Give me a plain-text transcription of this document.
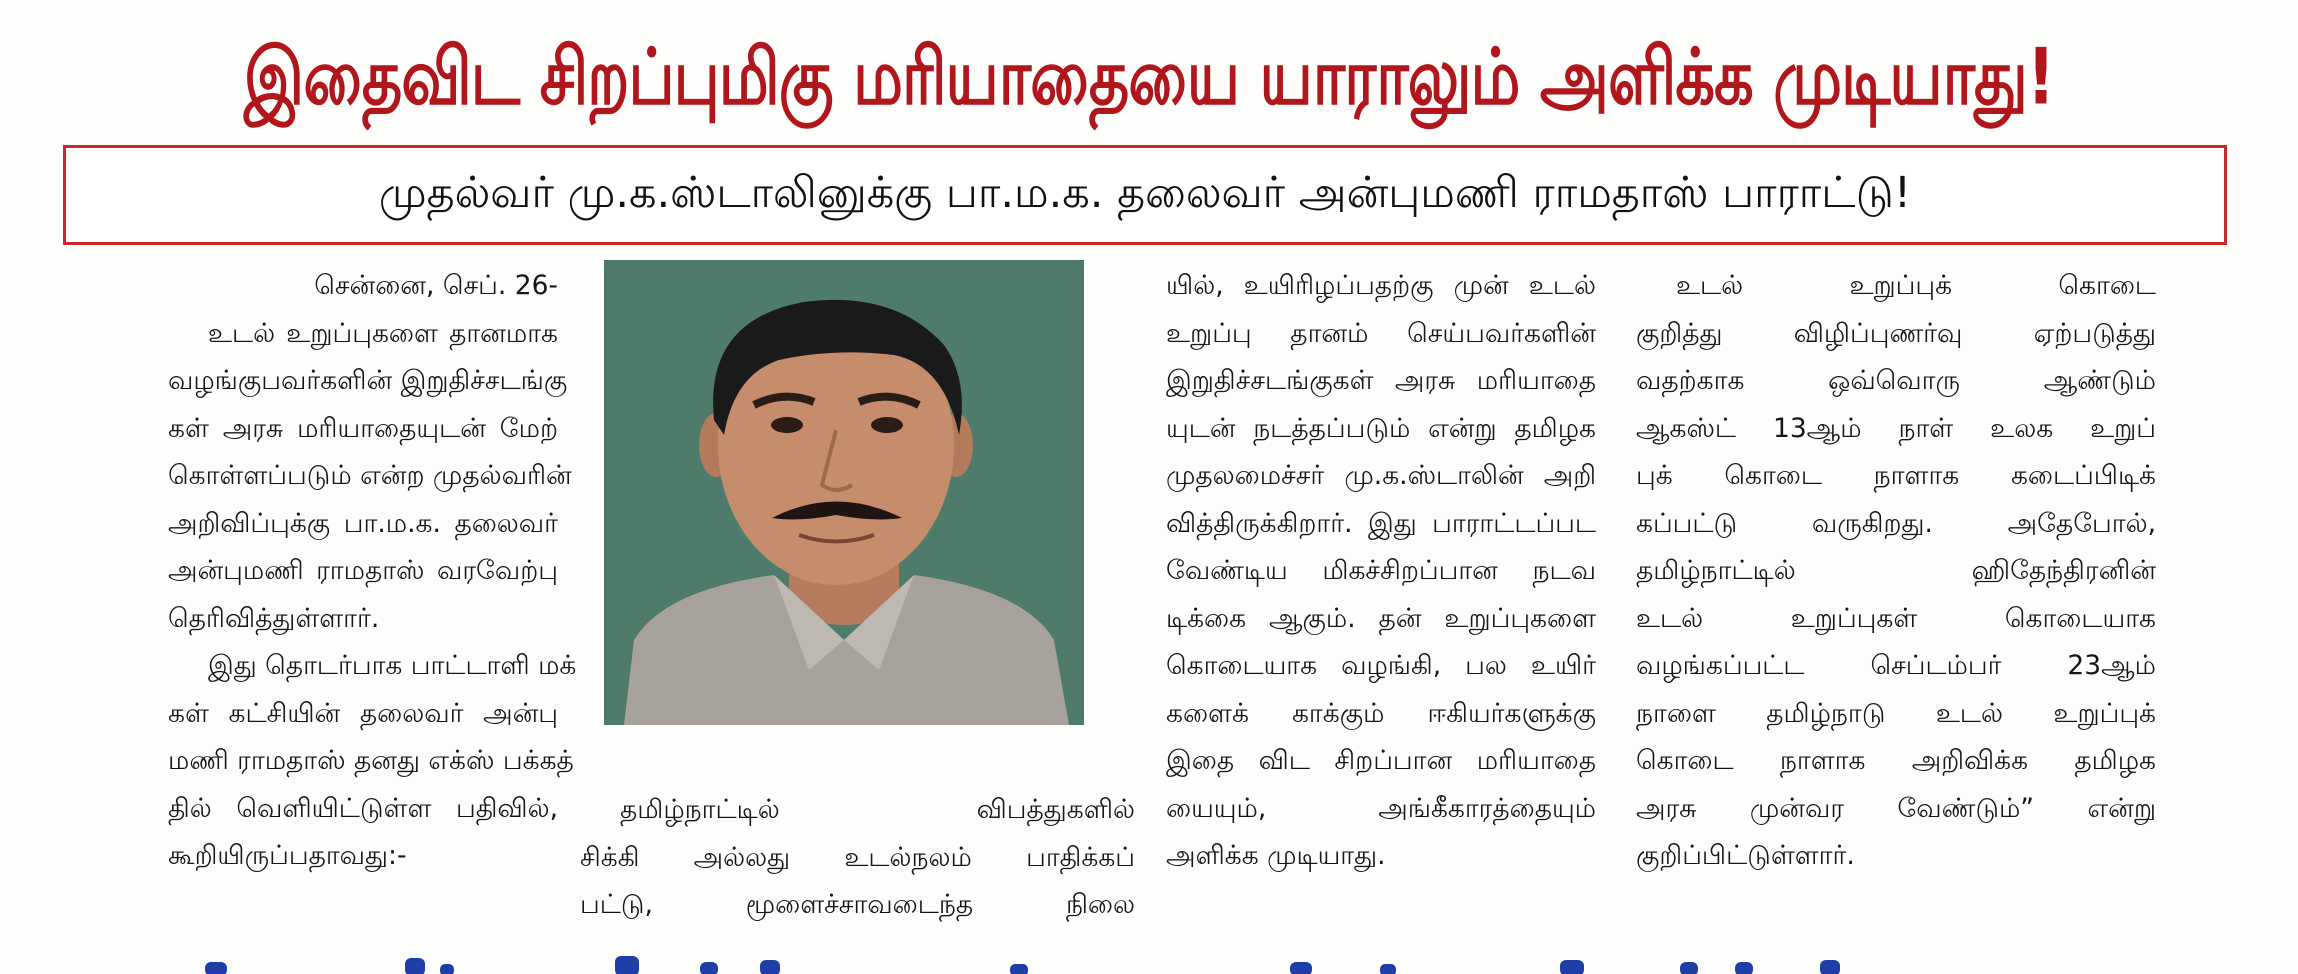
இதைவிட சிறப்புமிகு மரியாதையை யாராலும் அளிக்க முடியாது!
முதல்வர் மு.க.ஸ்டாலினுக்கு பா.ம.க. தலைவர் அன்புமணி ராமதாஸ் பாராட்டு!

சென்னை, செப். 26-

உடல் உறுப்புகளை தானமாக

வழங்குபவர்களின் இறுதிச்சடங்கு

கள் அரசு மரியாதையுடன் மேற்

கொள்ளப்படும் என்ற முதல்வரின்

அறிவிப்புக்கு பா.ம.க. தலைவர்

அன்புமணி ராமதாஸ் வரவேற்பு

தெரிவித்துள்ளார்.

இது தொடர்பாக பாட்டாளி மக்

கள் கட்சியின் தலைவர் அன்பு

மணி ராமதாஸ் தனது எக்ஸ் பக்கத்

தில் வெளியிட்டுள்ள பதிவில்,

கூறியிருப்பதாவது:-

தமிழ்நாட்டில் விபத்துகளில்

சிக்கி அல்லது உடல்நலம் பாதிக்கப்

பட்டு, மூளைச்சாவடைந்த நிலை

யில், உயிரிழப்பதற்கு முன் உடல்

உறுப்பு தானம் செய்பவர்களின்

இறுதிச்சடங்குகள் அரசு மரியாதை

யுடன் நடத்தப்படும் என்று தமிழக

முதலமைச்சர் மு.க.ஸ்டாலின் அறி

வித்திருக்கிறார். இது பாராட்டப்பட

வேண்டிய மிகச்சிறப்பான நடவ

டிக்கை ஆகும். தன் உறுப்புகளை

கொடையாக வழங்கி, பல உயிர்

களைக் காக்கும் ஈகியர்களுக்கு

இதை விட சிறப்பான மரியாதை

யையும், அங்கீகாரத்தையும்

அளிக்க முடியாது.

உடல் உறுப்புக் கொடை

குறித்து விழிப்புணர்வு ஏற்படுத்து

வதற்காக ஒவ்வொரு ஆண்டும்

ஆகஸ்ட் 13ஆம் நாள் உலக உறுப்

புக் கொடை நாளாக கடைப்பிடிக்

கப்பட்டு வருகிறது. அதேபோல்,

தமிழ்நாட்டில் ஹிதேந்திரனின்

உடல் உறுப்புகள் கொடையாக

வழங்கப்பட்ட செப்டம்பர் 23ஆம்

நாளை தமிழ்நாடு உடல் உறுப்புக்

கொடை நாளாக அறிவிக்க தமிழக

அரசு முன்வர வேண்டும்” என்று

குறிப்பிட்டுள்ளார்.
